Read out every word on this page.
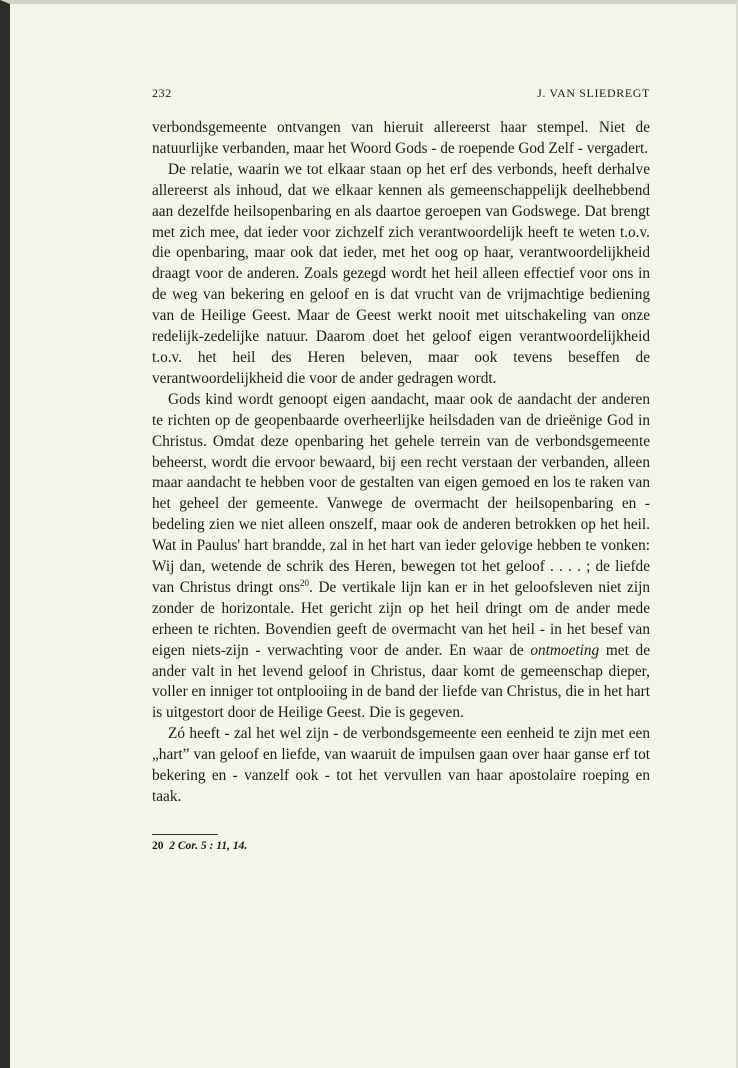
232	J. VAN SLIEDREGT

verbondsgemeente ontvangen van hieruit allereerst haar stempel. Niet de natuurlijke verbanden, maar het Woord Gods - de roepende God Zelf - vergadert.

De relatie, waarin we tot elkaar staan op het erf des verbonds, heeft derhalve allereerst als inhoud, dat we elkaar kennen als gemeenschappelijk deelhebbend aan dezelfde heilsopenbaring en als daartoe geroepen van Godswege. Dat brengt met zich mee, dat ieder voor zichzelf zich verantwoordelijk heeft te weten t.o.v. die openbaring, maar ook dat ieder, met het oog op haar, verantwoordelijkheid draagt voor de anderen. Zoals gezegd wordt het heil alleen effectief voor ons in de weg van bekering en geloof en is dat vrucht van de vrijmachtige bediening van de Heilige Geest. Maar de Geest werkt nooit met uitschakeling van onze redelijk-zedelijke natuur. Daarom doet het geloof eigen verantwoordelijkheid t.o.v. het heil des Heren beleven, maar ook tevens beseffen de verantwoordelijkheid die voor de ander gedragen wordt.

Gods kind wordt genoopt eigen aandacht, maar ook de aandacht der anderen te richten op de geopenbaarde overheerlijke heilsdaden van de drieënige God in Christus. Omdat deze openbaring het gehele terrein van de verbondsgemeente beheerst, wordt die ervoor bewaard, bij een recht verstaan der verbanden, alleen maar aandacht te hebben voor de gestalten van eigen gemoed en los te raken van het geheel der gemeente. Vanwege de overmacht der heilsopenbaring en -bedeling zien we niet alleen onszelf, maar ook de anderen betrokken op het heil. Wat in Paulus' hart brandde, zal in het hart van ieder gelovige hebben te vonken: Wij dan, wetende de schrik des Heren, bewegen tot het geloof . . . . ; de liefde van Christus dringt ons$^{20}$. De vertikale lijn kan er in het geloofsleven niet zijn zonder de horizontale. Het gericht zijn op het heil dringt om de ander mede erheen te richten. Bovendien geeft de overmacht van het heil - in het besef van eigen niets-zijn - verwachting voor de ander. En waar de ontmoeting met de ander valt in het levend geloof in Christus, daar komt de gemeenschap dieper, voller en inniger tot ontplooiing in de band der liefde van Christus, die in het hart is uitgestort door de Heilige Geest. Die is gegeven.

Zó heeft - zal het wel zijn - de verbondsgemeente een eenheid te zijn met een „hart” van geloof en liefde, van waaruit de impulsen gaan over haar ganse erf tot bekering en - vanzelf ook - tot het vervullen van haar apostolaire roeping en taak.

20 2 Cor. 5 : 11, 14.
